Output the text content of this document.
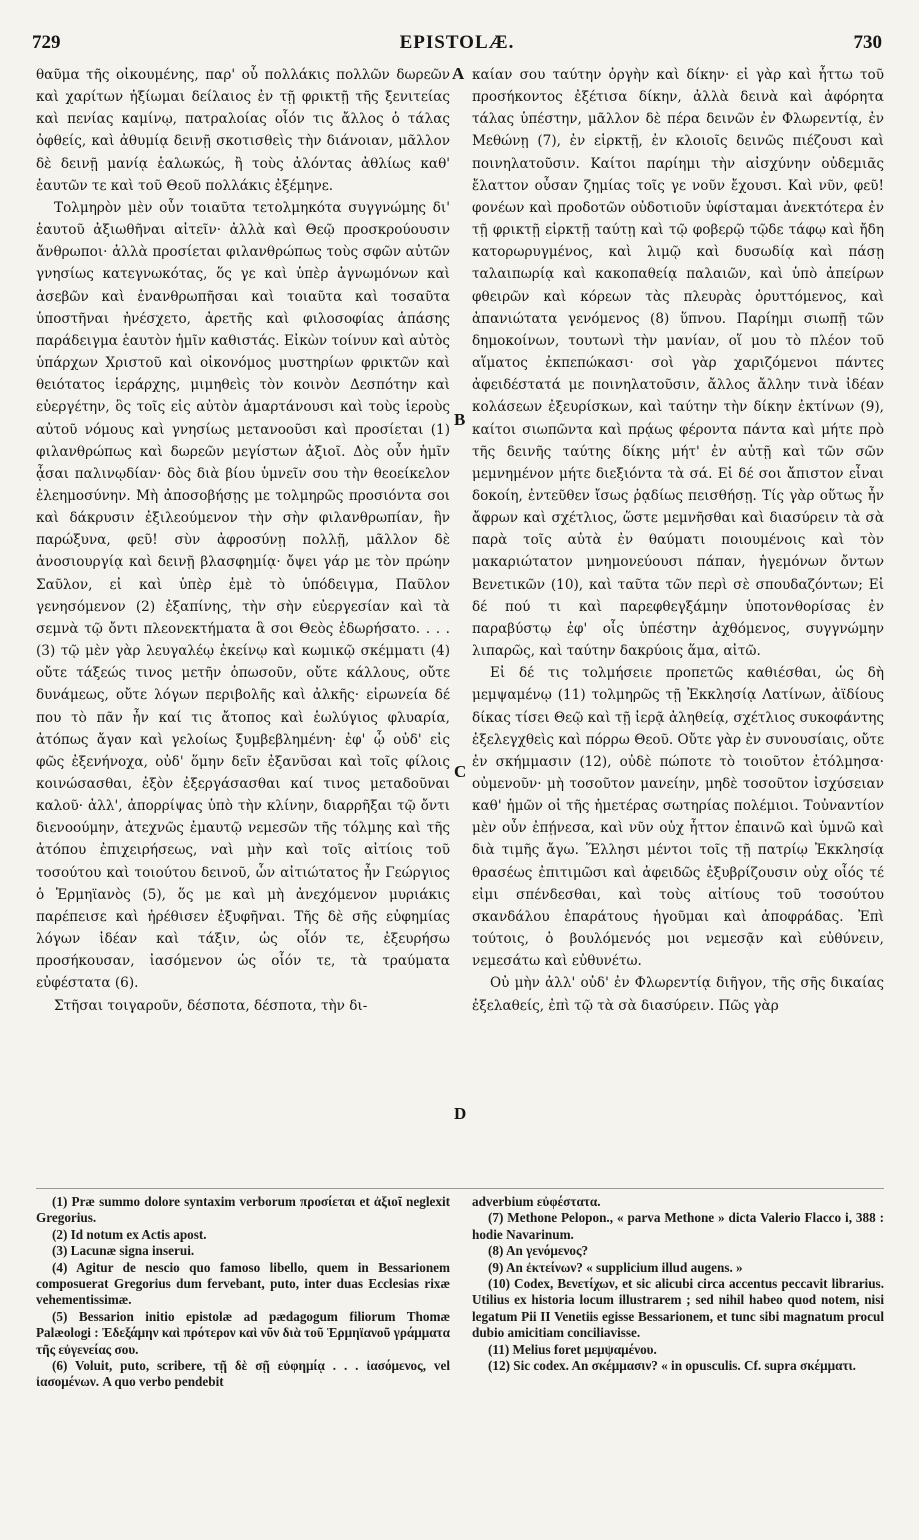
729	EPISTOLÆ.	730

θαῦμα τῆς οἰκουμένης, παρ' οὗ πολλάκις πολλῶν δωρεῶν καὶ χαρίτων ἠξίωμαι δείλαιος ἐν τῇ φρικτῇ τῆς ξενιτείας καὶ πενίας καμίνῳ, πατραλοίας οἷόν τις ἄλλος ὁ τάλας ὀφθείς, καὶ ἀθυμίᾳ δεινῇ σκοτισθεὶς τὴν διάνοιαν, μᾶλλον δὲ δεινῇ μανίᾳ ἑαλωκώς, ἢ τοὺς ἀλόντας ἀθλίως καθ' ἑαυτῶν τε καὶ τοῦ Θεοῦ πολλάκις ἐξέμηνε.

Τολμηρὸν μὲν οὖν τοιαῦτα τετολμηκότα συγγνώμης δι' ἑαυτοῦ ἀξιωθῆναι αἰτεῖν· ἀλλὰ καὶ Θεῷ προσκρούουσιν ἄνθρωποι· ἀλλὰ προσίεται φιλανθρώπως τοὺς σφῶν αὐτῶν γνησίως κατεγνωκότας, ὅς γε καὶ ὑπὲρ ἀγνωμόνων καὶ ἀσεβῶν καὶ ἐνανθρωπῆσαι καὶ τοιαῦτα καὶ τοσαῦτα ὑποστῆναι ἠνέσχετο, ἀρετῆς καὶ φιλοσοφίας ἁπάσης παράδειγμα ἑαυτὸν ἡμῖν καθιστάς. Εἰκὼν τοίνυν καὶ αὐτὸς ὑπάρχων Χριστοῦ καὶ οἰκονόμος μυστηρίων φρικτῶν καὶ θειότατος ἱεράρχης, μιμηθεὶς τὸν κοινὸν Δεσπότην καὶ εὐεργέτην, ὃς τοῖς εἰς αὐτὸν ἁμαρτάνουσι καὶ τοὺς ἱεροὺς αὐτοῦ νόμους καὶ γνησίως μετανοοῦσι καὶ προσίεται (1) φιλανθρώπως καὶ δωρεῶν μεγίστων ἀξιοῖ. Δὸς οὖν ἡμῖν ᾆσαι παλινῳδίαν· δὸς διὰ βίου ὑμνεῖν σου τὴν θεοείκελον ἐλεημοσύνην. Μὴ ἀποσοβήσῃς με τολμηρῶς προσιόντα σοι καὶ δάκρυσιν ἐξιλεούμενον τὴν σὴν φιλανθρωπίαν, ἣν παρώξυνα, φεῦ! σὺν ἀφροσύνῃ πολλῇ, μᾶλλον δὲ ἀνοσιουργίᾳ καὶ δεινῇ βλασφημίᾳ· ὄψει γάρ με τὸν πρώην Σαῦλον, εἰ καὶ ὑπὲρ ἐμὲ τὸ ὑπόδειγμα, Παῦλον γενησόμενον (2) ἐξαπίνης, τὴν σὴν εὐεργεσίαν καὶ τὰ σεμνὰ τῷ ὄντι πλεονεκτήματα ἃ σοι Θεὸς ἐδωρήσατο. . . . (3) τῷ μὲν γὰρ λευγαλέῳ ἐκείνῳ καὶ κωμικῷ σκέμματι (4) οὔτε τάξεώς τινος μετῆν ὁπωσοῦν, οὔτε κάλλους, οὔτε δυνάμεως, οὔτε λόγων περιβολῆς καὶ ἀλκῆς· εἰρωνεία δέ που τὸ πᾶν ἦν καί τις ἄτοπος καὶ ἑωλύγιος φλυαρία, ἀτόπως ἄγαν καὶ γελοίως ξυμβεβλημένη· ἐφ' ᾧ οὐδ' εἰς φῶς ἐξενήνοχα, οὐδ' ὅμην δεῖν ἐξανῦσαι καὶ τοῖς φίλοις κοινώσασθαι, ἐξὸν ἐξεργάσασθαι καί τινος μεταδοῦναι καλοῦ· ἀλλ', ἀπορρίψας ὑπὸ τὴν κλίνην, διαρρῆξαι τῷ ὄντι διενοούμην, ἀτεχνῶς ἐμαυτῷ νεμεσῶν τῆς τόλμης καὶ τῆς ἀτόπου ἐπιχειρήσεως, ναὶ μὴν καὶ τοῖς αἰτίοις τοῦ τοσούτου καὶ τοιούτου δεινοῦ, ὧν αἰτιώτατος ἦν Γεώργιος ὁ Ἑρμηϊανὸς (5), ὅς με καὶ μὴ ἀνεχόμενον μυριάκις παρέπεισε καὶ ἠρέθισεν ἐξυφῆναι. Τῆς δὲ σῆς εὐφημίας λόγων ἰδέαν καὶ τάξιν, ὡς οἷόν τε, ἐξευρήσω προσήκουσαν, ἰασόμενον ὡς οἷόν τε, τὰ τραύματα εὐφέστατα (6).

Στῆσαι τοιγαροῦν, δέσποτα, δέσποτα, τὴν δι-

A
B
C
D

καίαν σου ταύτην ὀργὴν καὶ δίκην· εἰ γὰρ καὶ ἧττω τοῦ προσήκοντος ἐξέτισα δίκην, ἀλλὰ δεινὰ καὶ ἀφόρητα τάλας ὑπέστην, μᾶλλον δὲ πέρα δεινῶν ἐν Φλωρεντίᾳ, ἐν Μεθώνῃ (7), ἐν εἱρκτῇ, ἐν κλοιοῖς δεινῶς πιέζουσι καὶ ποινηλατοῦσιν. Καίτοι παρίημι τὴν αἰσχύνην οὐδεμιᾶς ἔλαττον οὖσαν ζημίας τοῖς γε νοῦν ἔχουσι. Καὶ νῦν, φεῦ! φονέων καὶ προδοτῶν οὐδοτιοῦν ὑφίσταμαι ἀνεκτότερα ἐν τῇ φρικτῇ εἱρκτῇ ταύτῃ καὶ τῷ φοβερῷ τῷδε τάφῳ καὶ ἤδη κατορωρυγμένος, καὶ λιμῷ καὶ δυσωδίᾳ καὶ πάσῃ ταλαιπωρίᾳ καὶ κακοπαθείᾳ παλαιῶν, καὶ ὑπὸ ἀπείρων φθειρῶν καὶ κόρεων τὰς πλευρὰς ὀρυττόμενος, καὶ ἀπανιώτατα γενόμενος (8) ὕπνου. Παρίημι σιωπῇ τῶν δημοκοίνων, τουτωνὶ τὴν μανίαν, οἵ μου τὸ πλέον τοῦ αἵματος ἐκπεπώκασι· σοὶ γὰρ χαριζόμενοι πάντες ἀφειδέστατά με ποινηλατοῦσιν, ἄλλος ἄλλην τινὰ ἰδέαν κολάσεων ἐξευρίσκων, καὶ ταύτην τὴν δίκην ἐκτίνων (9), καίτοι σιωπῶντα καὶ πρᾴως φέροντα πάντα καὶ μήτε πρὸ τῆς δεινῆς ταύτης δίκης μήτ' ἐν αὐτῇ καὶ τῶν σῶν μεμνημένον μήτε διεξιόντα τὰ σά. Εἰ δέ σοι ἄπιστον εἶναι δοκοίη, ἐντεῦθεν ἴσως ῥᾳδίως πεισθήσῃ. Τίς γὰρ οὕτως ἦν ἄφρων καὶ σχέτλιος, ὥστε μεμνῆσθαι καὶ διασύρειν τὰ σὰ παρὰ τοῖς αὐτὰ ἐν θαύματι ποιουμένοις καὶ τὸν μακαριώτατον μνημονεύουσι πάπαν, ἡγεμόνων ὄντων Βενετικῶν (10), καὶ ταῦτα τῶν περὶ σὲ σπουδαζόντων; Εἰ δέ πού τι καὶ παρεφθεγξάμην ὑποτονθορίσας ἐν παραβύστῳ ἐφ' οἷς ὑπέστην ἀχθόμενος, συγγνώμην λιπαρῶς, καὶ ταύτην δακρύοις ἅμα, αἰτῶ.

Εἰ δέ τις τολμήσειε προπετῶς καθιέσθαι, ὡς δὴ μεμψαμένῳ (11) τολμηρῶς τῇ Ἐκκλησίᾳ Λατίνων, ἀϊδίους δίκας τίσει Θεῷ καὶ τῇ ἱερᾷ ἀληθείᾳ, σχέτλιος συκοφάντης ἐξελεγχθεὶς καὶ πόρρω Θεοῦ. Οὔτε γὰρ ἐν συνουσίαις, οὔτε ἐν σκήμμασιν (12), οὐδὲ πώποτε τὸ τοιοῦτον ἐτόλμησα· οὐμενοῦν· μὴ τοσοῦτον μανείην, μηδὲ τοσοῦτον ἰσχύσειαν καθ' ἡμῶν οἱ τῆς ἡμετέρας σωτηρίας πολέμιοι. Τοὐναντίον μὲν οὖν ἐπῄνεσα, καὶ νῦν οὐχ ἧττον ἐπαινῶ καὶ ὑμνῶ καὶ διὰ τιμῆς ἄγω. Ἕλλησι μέντοι τοῖς τῇ πατρίῳ Ἐκκλησίᾳ θρασέως ἐπιτιμῶσι καὶ ἀφειδῶς ἐξυβρίζουσιν οὐχ οἷός τέ εἰμι σπένδεσθαι, καὶ τοὺς αἰτίους τοῦ τοσούτου σκανδάλου ἐπαράτους ἡγοῦμαι καὶ ἀποφράδας. Ἐπὶ τούτοις, ὁ βουλόμενός μοι νεμεσᾷν καὶ εὐθύνειν, νεμεσάτω καὶ εὐθυνέτω.

Οὐ μὴν ἀλλ' οὐδ' ἐν Φλωρεντίᾳ διῆγον, τῆς σῆς δικαίας ἐξελαθείς, ἐπὶ τῷ τὰ σὰ διασύρειν. Πῶς γὰρ

(1) Præ summo dolore syntaxim verborum προσίεται et ἀξιοῖ neglexit Gregorius.

(2) Id notum ex Actis apost.

(3) Lacunæ signa inserui.

(4) Agitur de nescio quo famoso libello, quem in Bessarionem composuerat Gregorius dum fervebant, puto, inter duas Ecclesias rixæ vehementissimæ.

(5) Bessarion initio epistolæ ad pædagogum filiorum Thomæ Palæologi : Ἐδεξάμην καὶ πρότερον καὶ νῦν διὰ τοῦ Ἑρμηϊανοῦ γράμματα τῆς εὐγενείας σου.

(6) Voluit, puto, scribere, τῇ δὲ σῇ εὐφημίᾳ . . . ἰασόμενος, vel ἰασομένων. A quo verbo pendebit

adverbium εὐφέστατα.

(7) Methone Pelopon., « parva Methone » dicta Valerio Flacco i, 388 : hodie Navarinum.

(8) An γενόμενος?

(9) An ἐκτείνων? « supplicium illud augens. »

(10) Codex, Βενετίχων, et sic alicubi circa accentus peccavit librarius. Utilius ex historia locum illustrarem ; sed nihil habeo quod notem, nisi legatum Pii II Venetiis egisse Bessarionem, et tunc sibi magnatum procul dubio amicitiam conciliavisse.

(11) Melius foret μεμψαμένου.

(12) Sic codex. An σκέμμασιν? « in opusculis. Cf. supra σκέμματι.
